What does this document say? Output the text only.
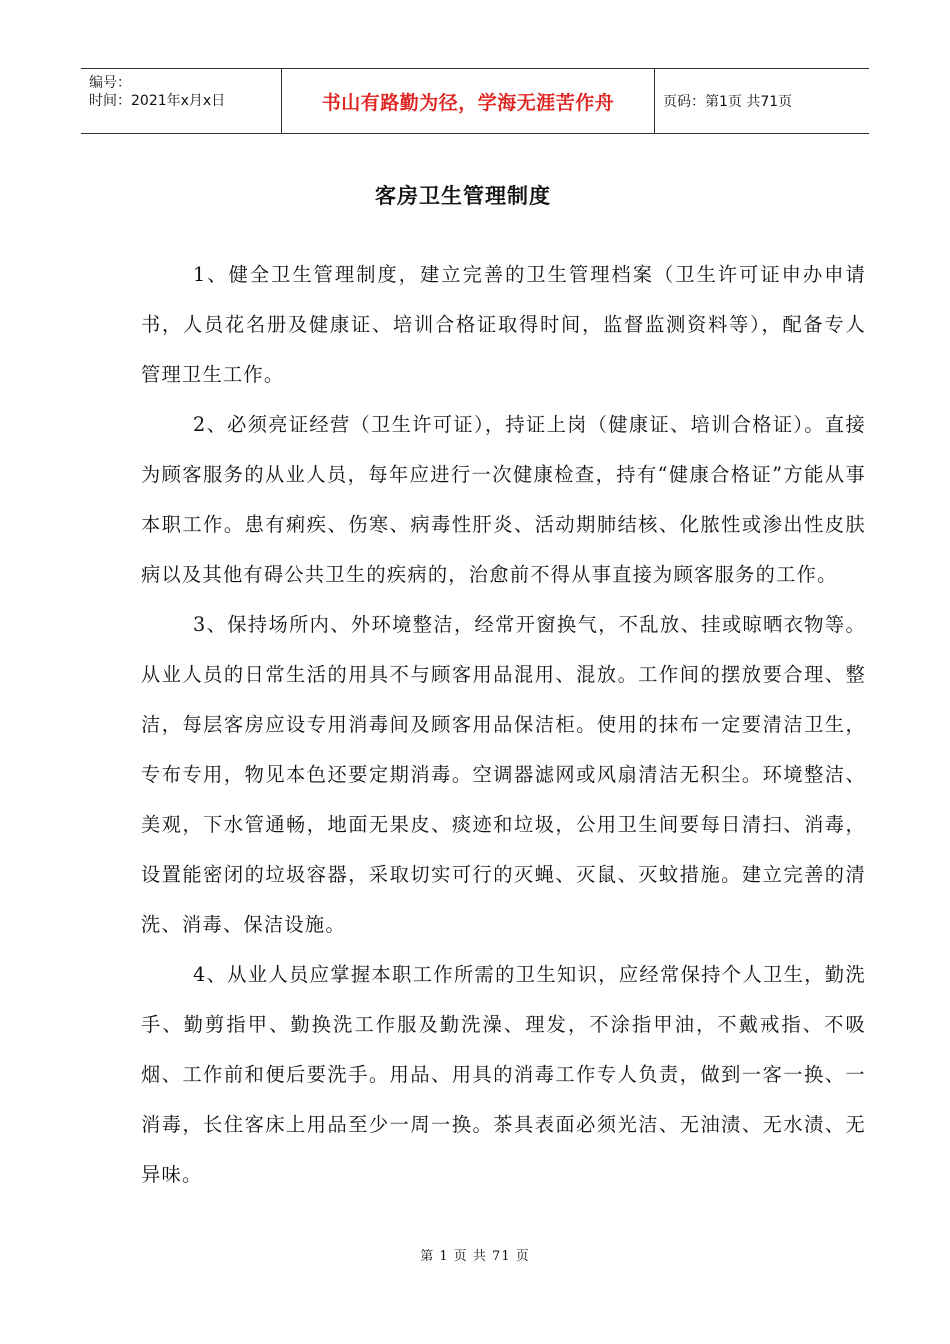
编号：
时间：2021年x月x日	书山有路勤为径，学海无涯苦作舟	页码：第1页 共71页
客房卫生管理制度

1、健全卫生管理制度，建立完善的卫生管理档案（卫生许可证申办申请书，人员花名册及健康证、培训合格证取得时间，监督监测资料等），配备专人管理卫生工作。

2、必须亮证经营（卫生许可证），持证上岗（健康证、培训合格证）。直接为顾客服务的从业人员，每年应进行一次健康检查，持有“健康合格证”方能从事本职工作。患有痢疾、伤寒、病毒性肝炎、活动期肺结核、化脓性或渗出性皮肤病以及其他有碍公共卫生的疾病的，治愈前不得从事直接为顾客服务的工作。

3、保持场所内、外环境整洁，经常开窗换气，不乱放、挂或晾晒衣物等。从业人员的日常生活的用具不与顾客用品混用、混放。工作间的摆放要合理、整洁，每层客房应设专用消毒间及顾客用品保洁柜。使用的抹布一定要清洁卫生，专布专用，物见本色还要定期消毒。空调器滤网或风扇清洁无积尘。环境整洁、美观，下水管通畅，地面无果皮、痰迹和垃圾，公用卫生间要每日清扫、消毒，设置能密闭的垃圾容器，采取切实可行的灭蝇、灭鼠、灭蚊措施。建立完善的清洗、消毒、保洁设施。

4、从业人员应掌握本职工作所需的卫生知识，应经常保持个人卫生，勤洗手、勤剪指甲、勤换洗工作服及勤洗澡、理发，不涂指甲油，不戴戒指、不吸烟、工作前和便后要洗手。用品、用具的消毒工作专人负责，做到一客一换、一消毒，长住客床上用品至少一周一换。茶具表面必须光洁、无油渍、无水渍、无异味。

第 1 页 共 71 页
